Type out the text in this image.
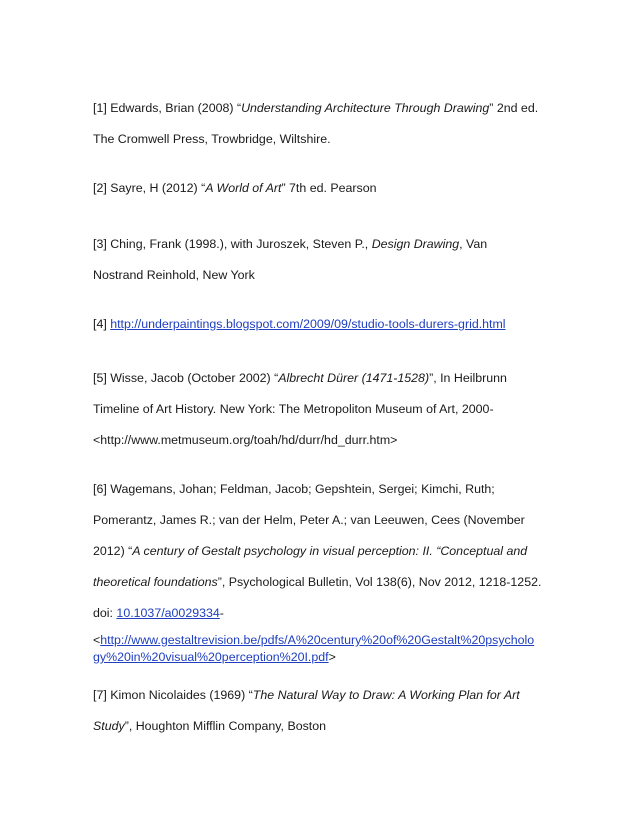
[1] Edwards, Brian (2008) “Understanding Architecture Through Drawing” 2nd ed.
The Cromwell Press, Trowbridge, Wiltshire.
[2] Sayre, H (2012) “A World of Art” 7th ed. Pearson
[3] Ching, Frank (1998.), with Juroszek, Steven P., Design Drawing, Van
Nostrand Reinhold, New York
[4] http://underpaintings.blogspot.com/2009/09/studio-tools-durers-grid.html
[5] Wisse, Jacob (October 2002) “Albrecht Dürer (1471-1528)”, In Heilbrunn
Timeline of Art History. New York: The Metropoliton Museum of Art, 2000-
<http://www.metmuseum.org/toah/hd/durr/hd_durr.htm>
[6] Wagemans, Johan; Feldman, Jacob; Gepshtein, Sergei; Kimchi, Ruth;
Pomerantz, James R.; van der Helm, Peter A.; van Leeuwen, Cees (November
2012) “A century of Gestalt psychology in visual perception: II. “Conceptual and
theoretical foundations”, Psychological Bulletin, Vol 138(6), Nov 2012, 1218-1252.
doi: 10.1037/a0029334-
<http://www.gestaltrevision.be/pdfs/A%20century%20of%20Gestalt%20psycholo
gy%20in%20visual%20perception%20I.pdf>
[7] Kimon Nicolaides (1969) “The Natural Way to Draw: A Working Plan for Art
Study”, Houghton Mifflin Company, Boston
